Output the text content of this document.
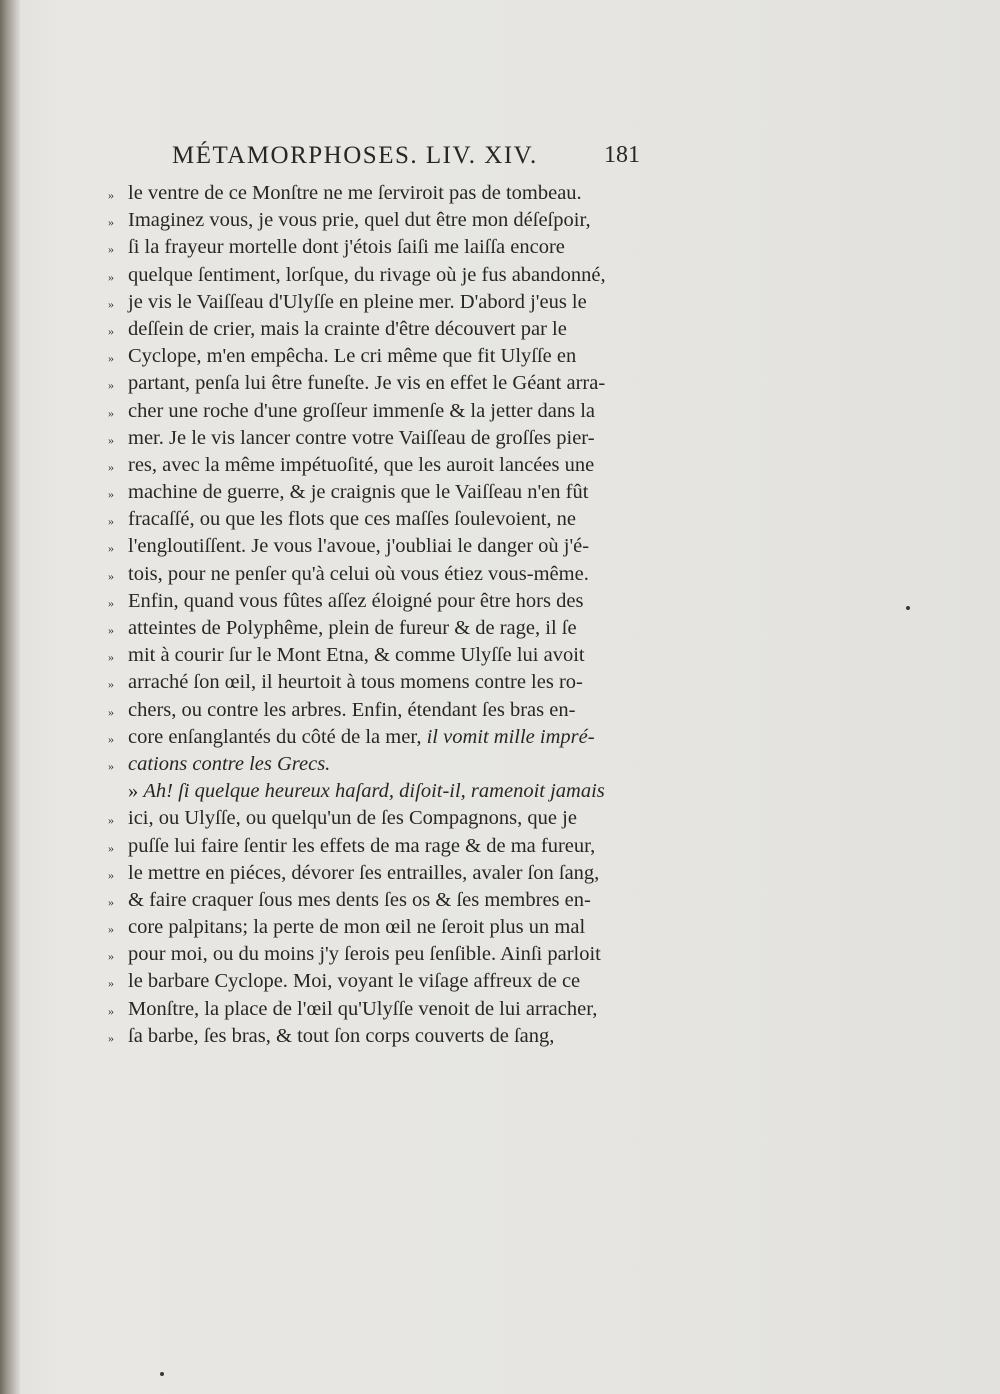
MÉTAMORPHOSES. LIV. XIV.	181
» le ventre de ce Monſtre ne me ſerviroit pas de tombeau.
» Imaginez vous, je vous prie, quel dut être mon déſeſpoir,
» ſi la frayeur mortelle dont j'étois ſaiſi me laiſſa encore
» quelque ſentiment, lorſque, du rivage où je fus abandonné,
» je vis le Vaiſſeau d'Ulyſſe en pleine mer. D'abord j'eus le
» deſſein de crier, mais la crainte d'être découvert par le
» Cyclope, m'en empêcha. Le cri même que fit Ulyſſe en
» partant, penſa lui être funeſte. Je vis en effet le Géant arra-
» cher une roche d'une groſſeur immenſe & la jetter dans la
» mer. Je le vis lancer contre votre Vaiſſeau de groſſes pier-
» res, avec la même impétuoſité, que les auroit lancées une
» machine de guerre, & je craignis que le Vaiſſeau n'en fût
» fracaſſé, ou que les flots que ces maſſes ſoulevoient, ne
» l'engloutiſſent. Je vous l'avoue, j'oubliai le danger où j'é-
» tois, pour ne penſer qu'à celui où vous étiez vous-même.
» Enfin, quand vous fûtes aſſez éloigné pour être hors des
» atteintes de Polyphême, plein de fureur & de rage, il ſe
» mit à courir ſur le Mont Etna, & comme Ulyſſe lui avoit
» arraché ſon œil, il heurtoit à tous momens contre les ro-
» chers, ou contre les arbres. Enfin, étendant ſes bras en-
» core enſanglantés du côté de la mer, il vomit mille impré-
» cations contre les Grecs.
» Ah! ſi quelque heureux haſard, diſoit-il, ramenoit jamais
» ici, ou Ulyſſe, ou quelqu'un de ſes Compagnons, que je
» puſſe lui faire ſentir les effets de ma rage & de ma fureur,
» le mettre en piéces, dévorer ſes entrailles, avaler ſon ſang,
» & faire craquer ſous mes dents ſes os & ſes membres en-
» core palpitans; la perte de mon œil ne ſeroit plus un mal
» pour moi, ou du moins j'y ſerois peu ſenſible. Ainſi parloit
» le barbare Cyclope. Moi, voyant le viſage affreux de ce
» Monſtre, la place de l'œil qu'Ulyſſe venoit de lui arracher,
» ſa barbe, ſes bras, & tout ſon corps couverts de ſang,
